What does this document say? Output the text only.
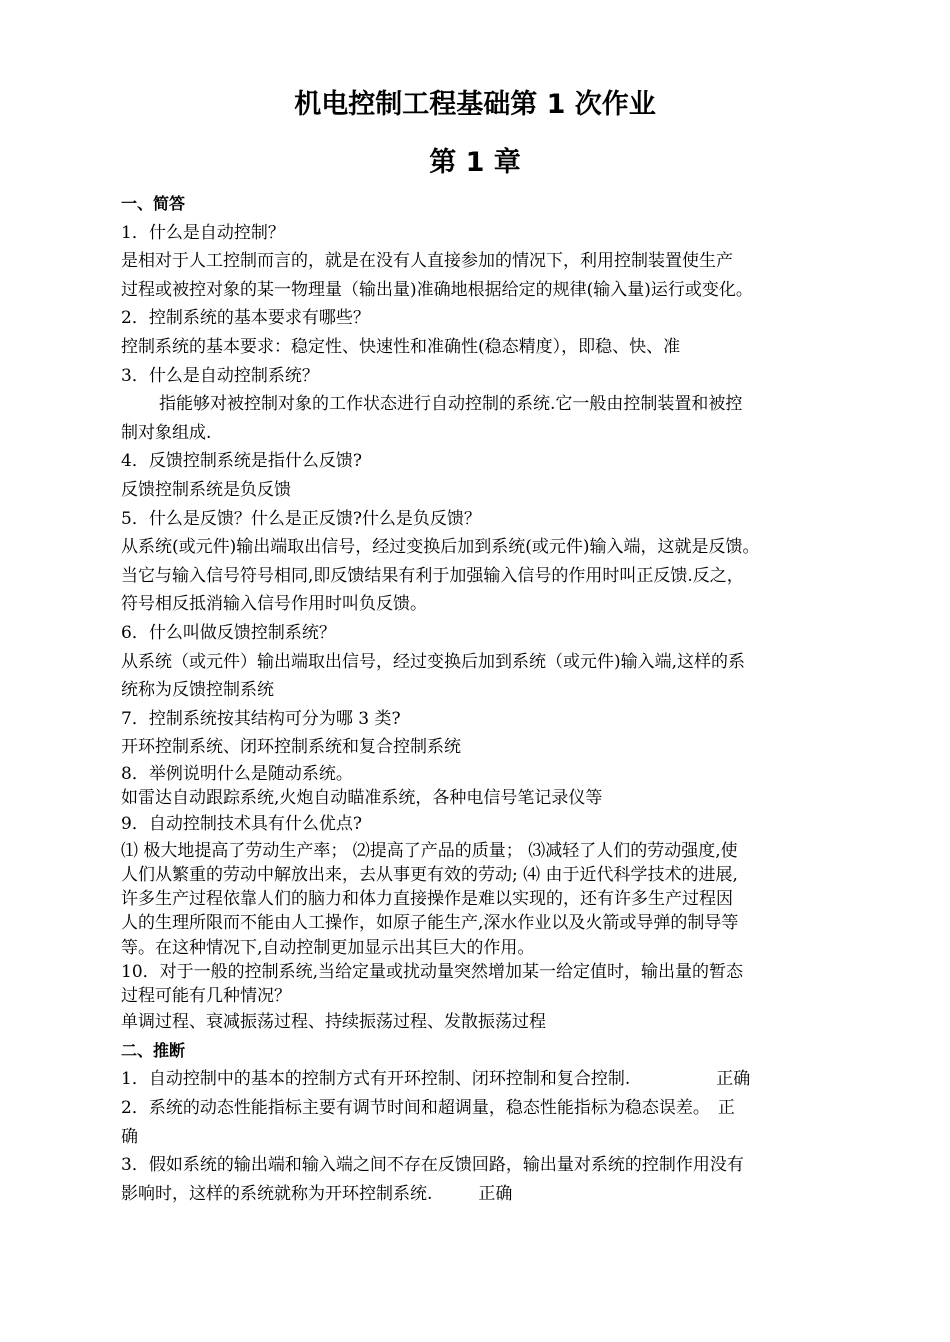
机电控制工程基础第 1 次作业
第 1 章
一、简答
1．什么是自动控制？
是相对于人工控制而言的，就是在没有人直接参加的情况下，利用控制装置使生产
过程或被控对象的某一物理量（输出量)准确地根据给定的规律(输入量)运行或变化。
2．控制系统的基本要求有哪些？
控制系统的基本要求：稳定性、快速性和准确性(稳态精度），即稳、快、准
3．什么是自动控制系统？
指能够对被控制对象的工作状态进行自动控制的系统.它一般由控制装置和被控
制对象组成.
4．反馈控制系统是指什么反馈?
反馈控制系统是负反馈
5．什么是反馈？什么是正反馈?什么是负反馈？
从系统(或元件)输出端取出信号，经过变换后加到系统(或元件)输入端，这就是反馈。
当它与输入信号符号相同,即反馈结果有利于加强输入信号的作用时叫正反馈.反之，
符号相反抵消输入信号作用时叫负反馈。
6．什么叫做反馈控制系统？
从系统（或元件）输出端取出信号，经过变换后加到系统（或元件)输入端,这样的系
统称为反馈控制系统
7．控制系统按其结构可分为哪 3 类?
开环控制系统、闭环控制系统和复合控制系统
8．举例说明什么是随动系统。
如雷达自动跟踪系统,火炮自动瞄准系统，各种电信号笔记录仪等
9．自动控制技术具有什么优点?
⑴ 极大地提高了劳动生产率； ⑵提高了产品的质量； ⑶减轻了人们的劳动强度,使
人们从繁重的劳动中解放出来，去从事更有效的劳动; ⑷ 由于近代科学技术的进展,
许多生产过程依靠人们的脑力和体力直接操作是难以实现的，还有许多生产过程因
人的生理所限而不能由人工操作，如原子能生产,深水作业以及火箭或导弹的制导等
等。在这种情况下,自动控制更加显示出其巨大的作用。
10．对于一般的控制系统,当给定量或扰动量突然增加某一给定值时，输出量的暂态
过程可能有几种情况？
单调过程、衰减振荡过程、持续振荡过程、发散振荡过程
二、推断
1．自动控制中的基本的控制方式有开环控制、闭环控制和复合控制.	正确
2．系统的动态性能指标主要有调节时间和超调量，稳态性能指标为稳态误差。 正
确
3．假如系统的输出端和输入端之间不存在反馈回路，输出量对系统的控制作用没有
影响时，这样的系统就称为开环控制系统.	正确
